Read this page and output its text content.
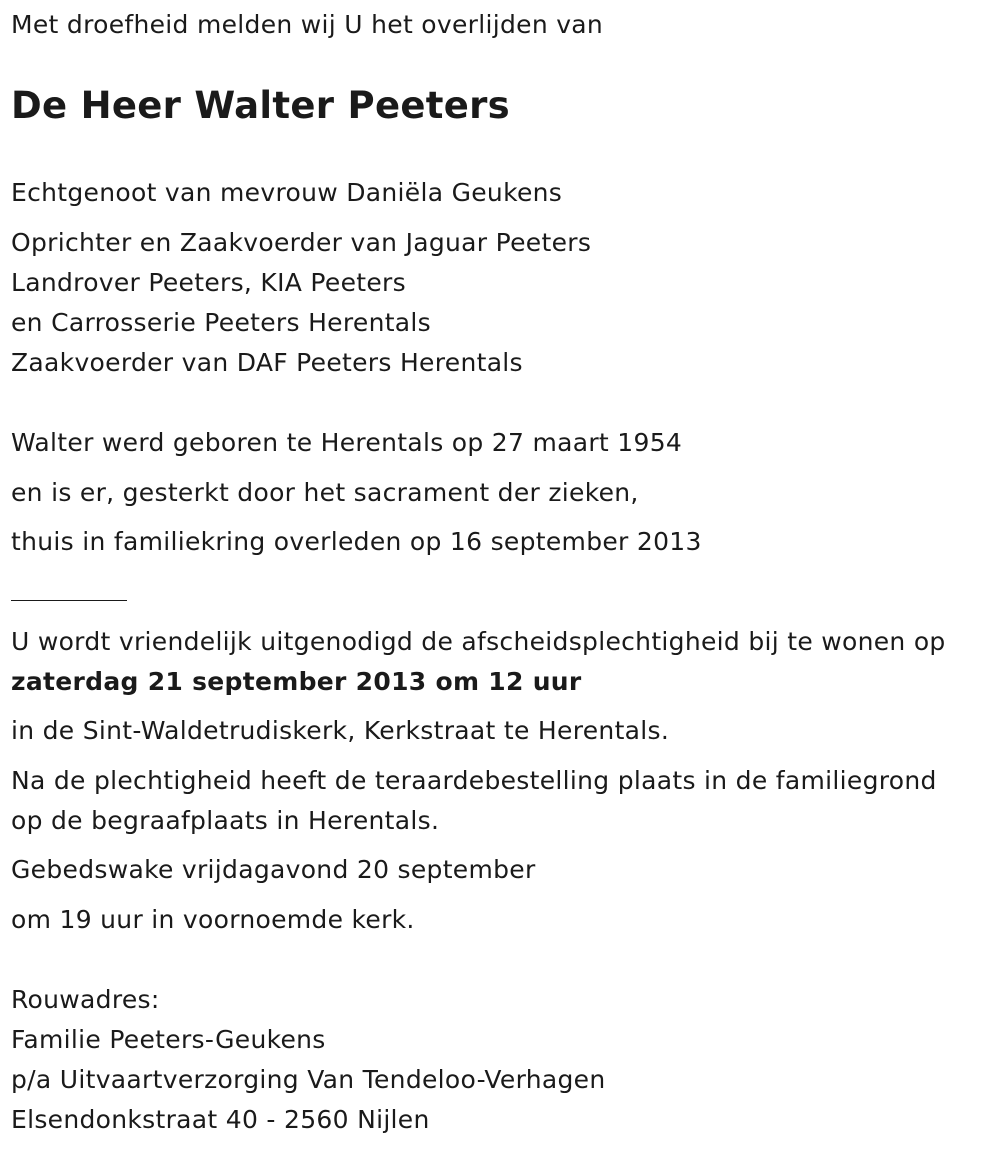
Met droefheid melden wij U het overlijden van
De Heer Walter Peeters
Echtgenoot van mevrouw Daniëla Geukens
Oprichter en Zaakvoerder van Jaguar Peeters
Landrover Peeters, KIA Peeters
en Carrosserie Peeters Herentals
Zaakvoerder van DAF Peeters Herentals
Walter werd geboren te Herentals op 27 maart 1954
en is er, gesterkt door het sacrament der zieken,
thuis in familiekring overleden op 16 september 2013
U wordt vriendelijk uitgenodigd de afscheidsplechtigheid bij te wonen op
zaterdag 21 september 2013 om 12 uur
in de Sint-Waldetrudiskerk, Kerkstraat te Herentals.
Na de plechtigheid heeft de teraardebestelling plaats in de familiegrond
op de begraafplaats in Herentals.
Gebedswake vrijdagavond 20 september
om 19 uur in voornoemde kerk.
Rouwadres:
Familie Peeters-Geukens
p/a Uitvaartverzorging Van Tendeloo-Verhagen
Elsendonkstraat 40 - 2560 Nijlen
